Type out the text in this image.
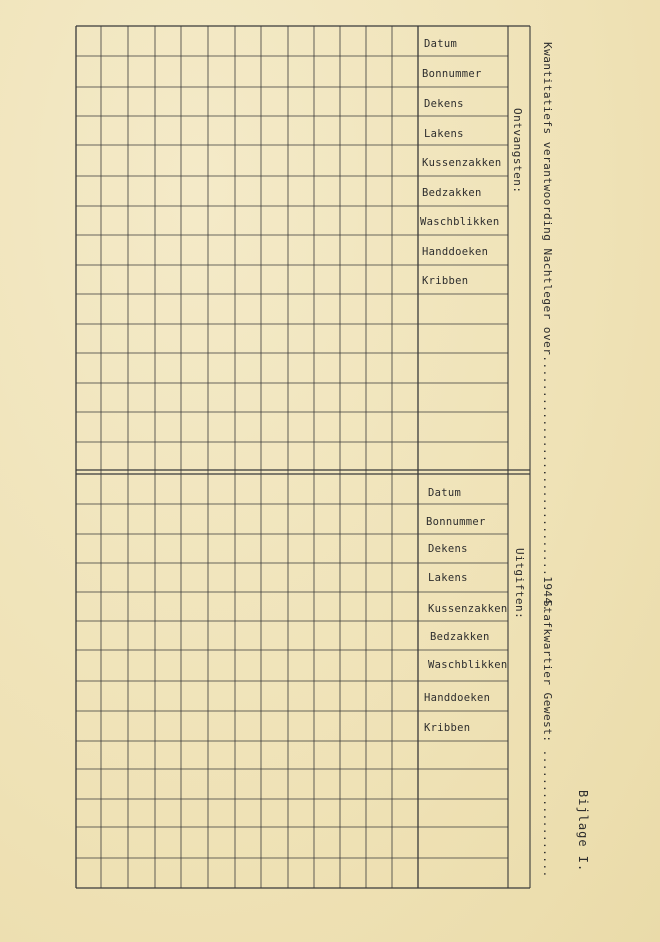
Datum
Bonnummer
Dekens
Lakens
Kussenzakken
Bedzakken
Waschblikken
Handdoeken
Kribben
Ontvangsten:
Datum
Bonnummer
Dekens
Lakens
Kussenzakken
Bedzakken
Waschblikken
Handdoeken
Kribben
Uitgiften: Kwantitatiefs verantwoording Nachtleger over...............................1944.
Stafkwartier Gewest: .................. Bijlage I.
